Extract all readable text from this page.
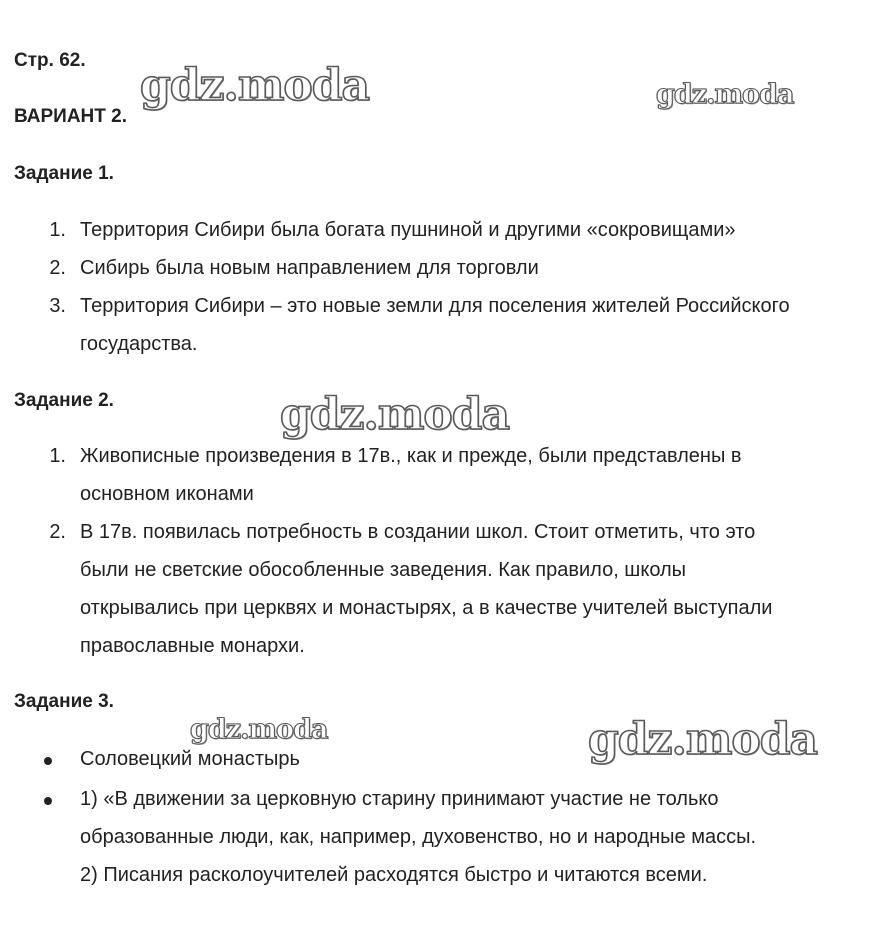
Стр. 62.

ВАРИАНТ 2.

Задание 1.

1. Территория Сибири была богата пушниной и другими «сокровищами»

2. Сибирь была новым направлением для торговли

3. Территория Сибири – это новые земли для поселения жителей Российского

государства.

Задание 2.

1. Живописные произведения в 17в., как и прежде, были представлены в

основном иконами

2. В 17в. появилась потребность в создании школ. Стоит отметить, что это

были не светские обособленные заведения. Как правило, школы

открывались при церквях и монастырях, а в качестве учителей выступали

православные монархи.

Задание 3.

Соловецкий монастырь

1) «В движении за церковную старину принимают участие не только

образованные люди, как, например, духовенство, но и народные массы.

2) Писания расколоучителей расходятся быстро и читаются всеми.

gdz.moda	gdz.moda
gdz.moda
gdz.moda	gdz.moda
